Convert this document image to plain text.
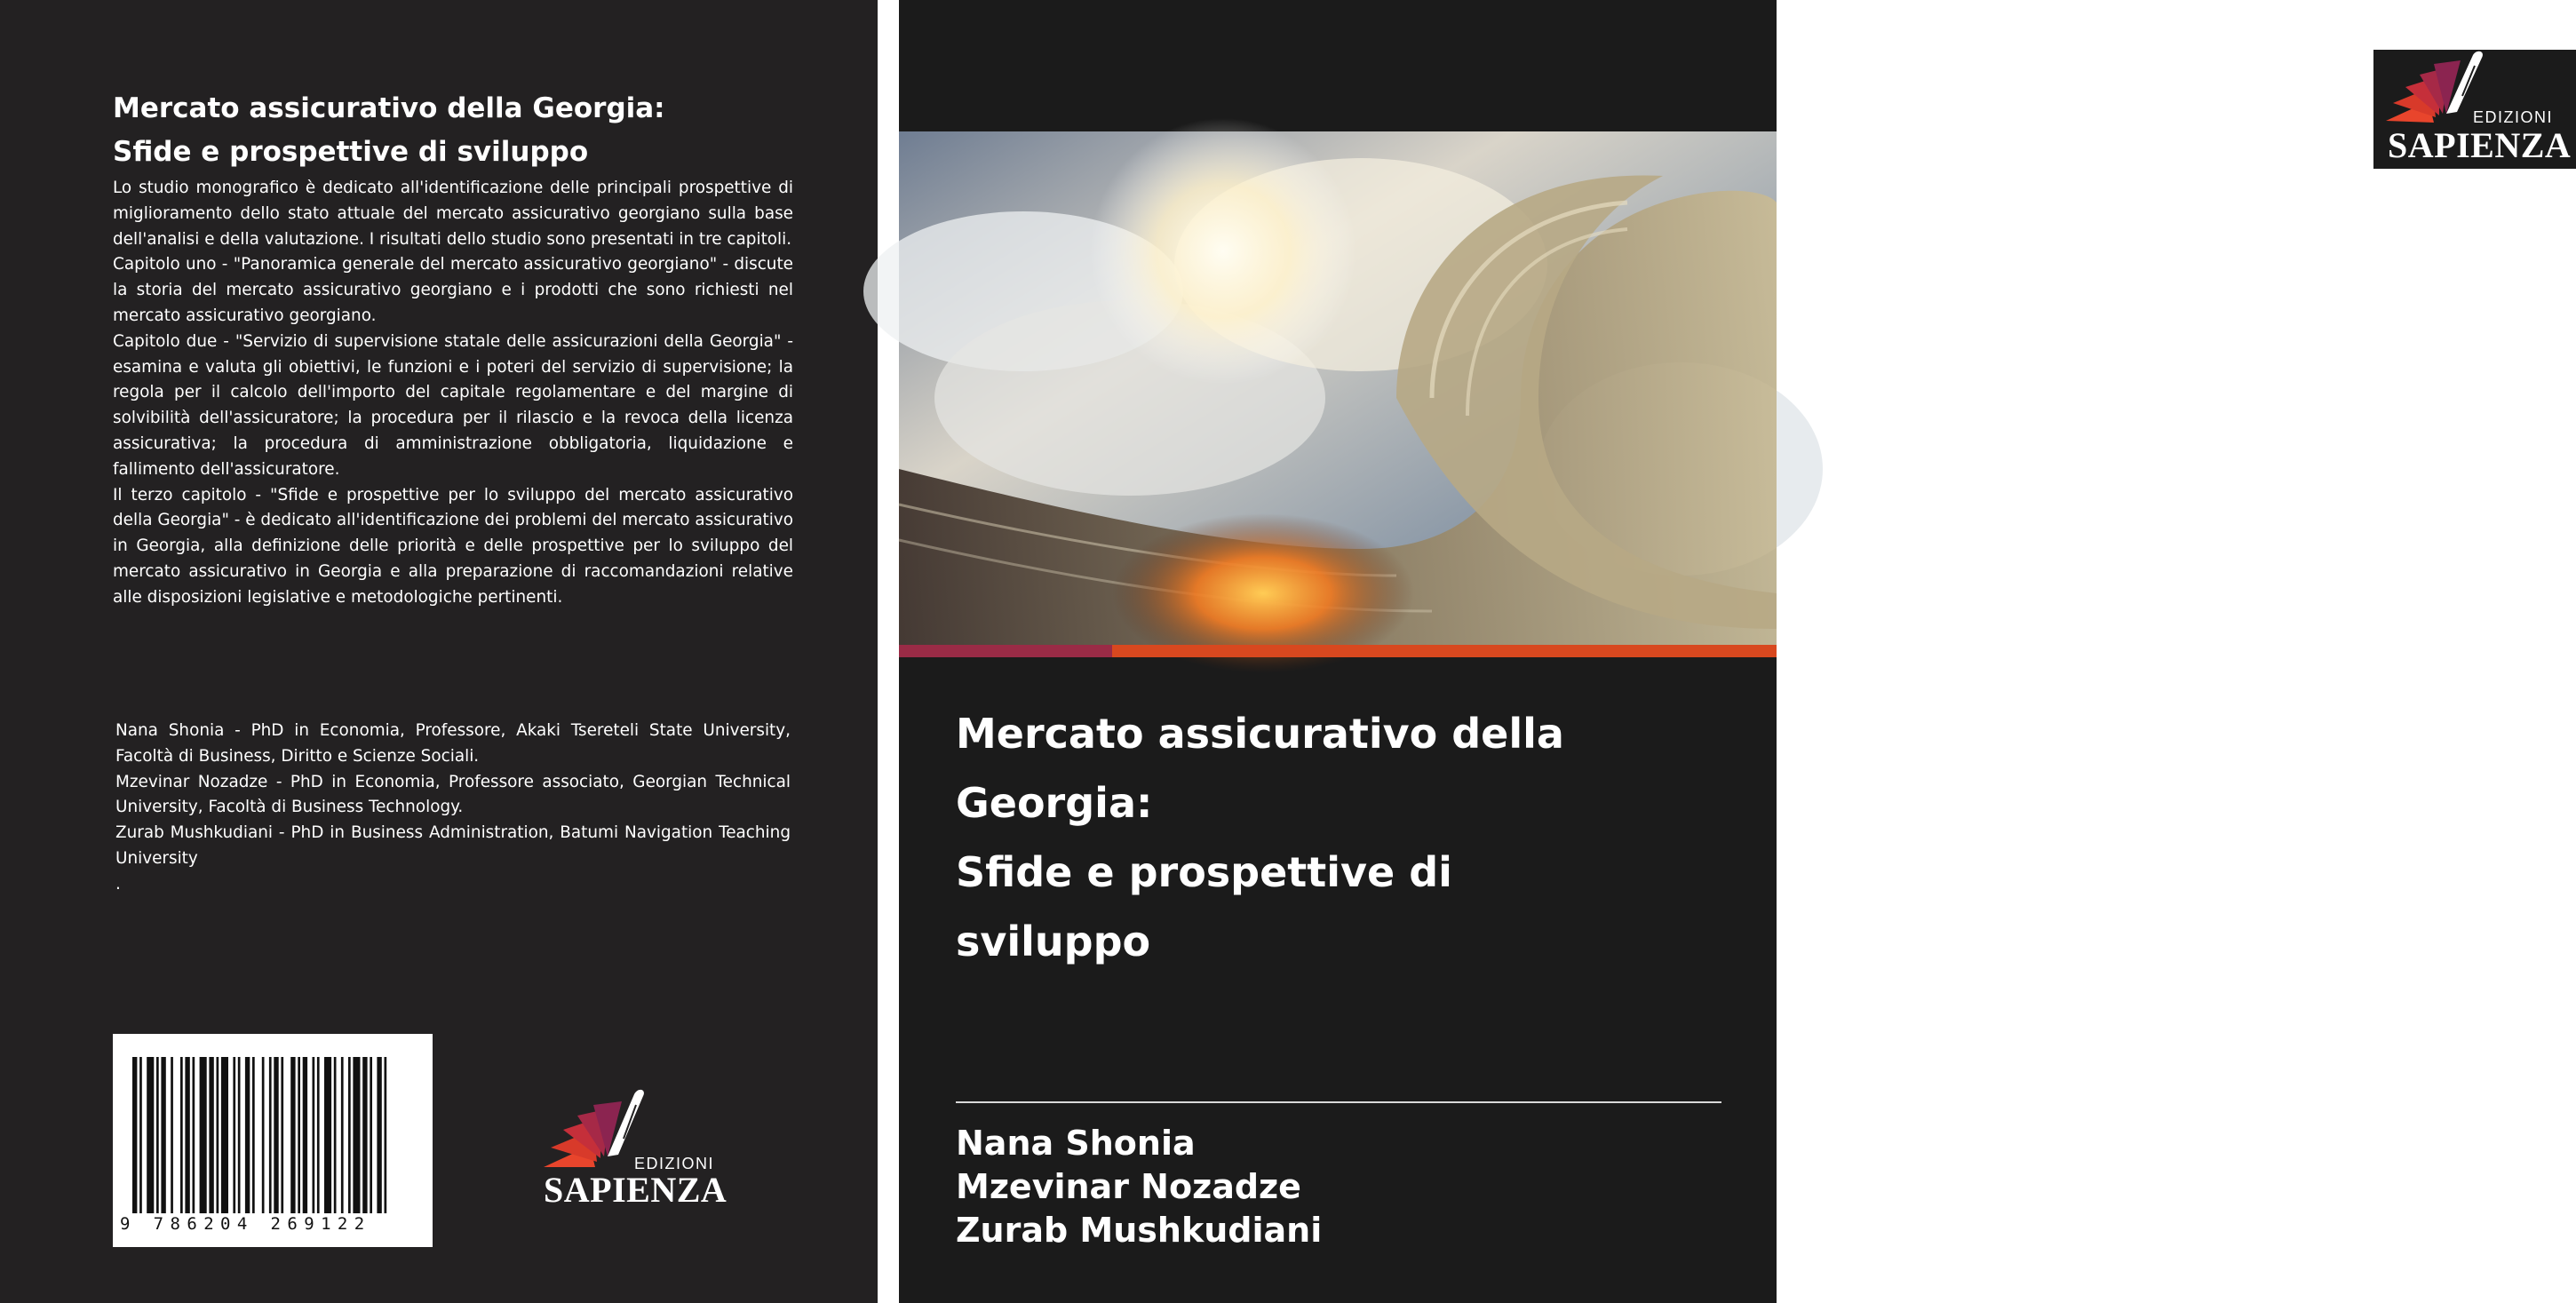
Mercato assicurativo della Georgia:
Sfide e prospettive di sviluppo

Lo studio monografico è dedicato all'identificazione delle principali prospettive di miglioramento dello stato attuale del mercato assicurativo georgiano sulla base dell'analisi e della valutazione. I risultati dello studio sono presentati in tre capitoli.

Capitolo uno - "Panoramica generale del mercato assicurativo georgiano" - discute la storia del mercato assicurativo georgiano e i prodotti che sono richiesti nel mercato assicurativo georgiano.

Capitolo due - "Servizio di supervisione statale delle assicurazioni della Georgia" - esamina e valuta gli obiettivi, le funzioni e i poteri del servizio di supervisione; la regola per il calcolo dell'importo del capitale regolamentare e del margine di solvibilità dell'assicuratore; la procedura per il rilascio e la revoca della licenza assicurativa; la procedura di amministrazione obbligatoria, liquidazione e fallimento dell'assicuratore.

Il terzo capitolo - "Sfide e prospettive per lo sviluppo del mercato assicurativo della Georgia" - è dedicato all'identificazione dei problemi del mercato assicurativo in Georgia, alla definizione delle priorità e delle prospettive per lo sviluppo del mercato assicurativo in Georgia e alla preparazione di raccomandazioni relative alle disposizioni legislative e metodologiche pertinenti.

Nana Shonia - PhD in Economia, Professore, Akaki Tsereteli State University, Facoltà di Business, Diritto e Scienze Sociali.

Mzevinar Nozadze - PhD in Economia, Professore associato, Georgian Technical University, Facoltà di Business Technology.

Zurab Mushkudiani - PhD in Business Administration, Batumi Navigation Teaching University

.

9 786204 269122
EDIZIONI
SAPIENZA
EDIZIONI
SAPIENZA
Mercato assicurativo della
Georgia:
Sfide e prospettive di
sviluppo
Nana Shonia
Mzevinar Nozadze
Zurab Mushkudiani
